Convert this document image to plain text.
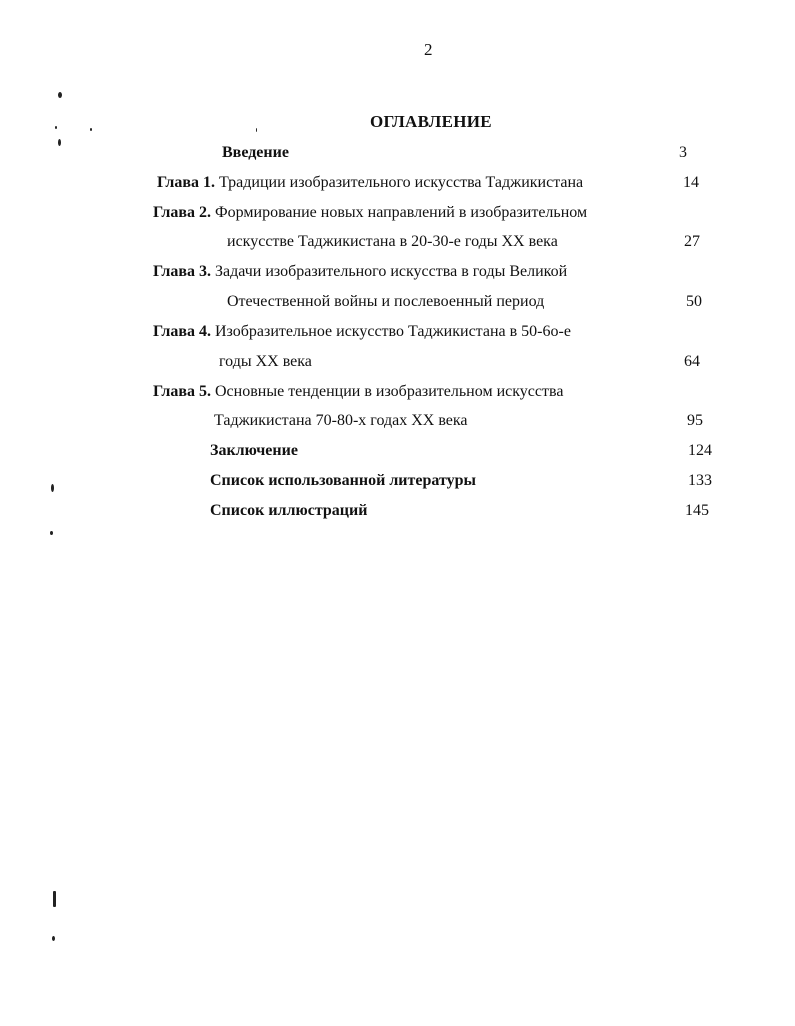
2
ОГЛАВЛЕНИЕ
Введение	3
Глава 1. Традиции изобразительного искусства Таджикистана	14
Глава 2. Формирование новых направлений в изобразительном
искусстве Таджикистана в 20-30-е годы XX века	27
Глава 3. Задачи изобразительного искусства в годы Великой
Отечественной войны и послевоенный период	50
Глава 4. Изобразительное искусство Таджикистана в 50-6о-е
годы XX века	64
Глава 5. Основные тенденции в изобразительном искусства
Таджикистана 70-80-х годах XX века	95
Заключение	124
Список использованной литературы	133
Список иллюстраций	145
